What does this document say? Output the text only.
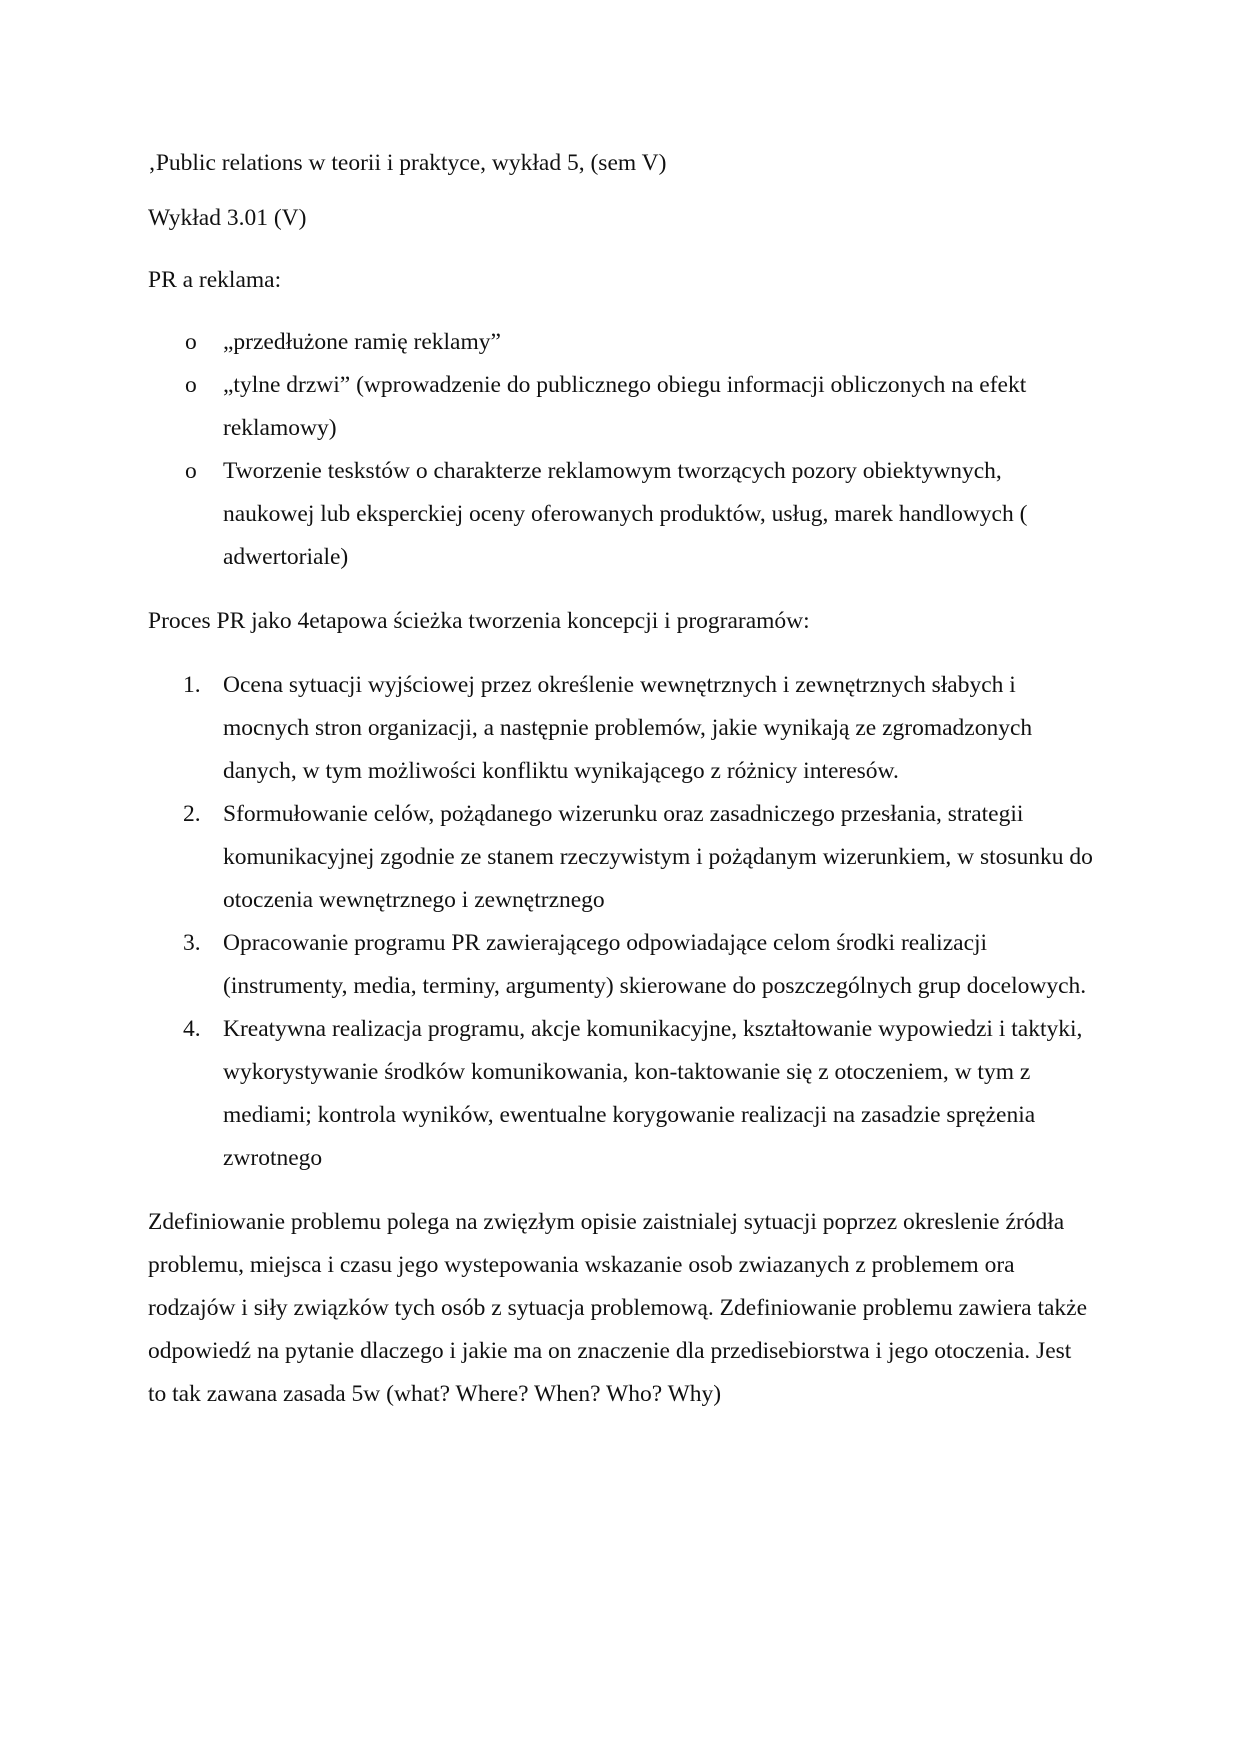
‚Public relations w teorii i praktyce, wykład 5, (sem V)

Wykład 3.01 (V)

PR a reklama:

o	„przedłużone ramię reklamy”
o	„tylne drzwi” (wprowadzenie do publicznego obiegu informacji obliczonych na efekt reklamowy)
o	Tworzenie teskstów o charakterze reklamowym tworzących pozory obiektywnych, naukowej lub eksperckiej oceny oferowanych produktów, usług, marek handlowych ( adwertoriale)

Proces PR jako 4etapowa ścieżka tworzenia koncepcji i prograramów:

1. Ocena sytuacji wyjściowej przez określenie wewnętrznych i zewnętrznych słabych i mocnych stron organizacji, a następnie problemów, jakie wynikają ze zgromadzonych danych, w tym możliwości konfliktu wynikającego z różnicy interesów.
2. Sformułowanie celów, pożądanego wizerunku oraz zasadniczego przesłania, strategii komunikacyjnej zgodnie ze stanem rzeczywistym i pożądanym wizerunkiem, w stosunku do otoczenia wewnętrznego i zewnętrznego
3. Opracowanie programu PR zawierającego odpowiadające celom środki realizacji (instrumenty, media, terminy, argumenty) skierowane do poszczególnych grup docelowych.
4. Kreatywna realizacja programu, akcje komunikacyjne, kształtowanie wypowiedzi i taktyki, wykorystywanie środków komunikowania, kon-taktowanie się z otoczeniem, w tym z mediami; kontrola wyników, ewentualne korygowanie realizacji na zasadzie sprężenia zwrotnego

Zdefiniowanie problemu polega na zwięzłym opisie zaistnialej sytuacji poprzez okreslenie źródła problemu, miejsca i czasu jego wystepowania wskazanie osob zwiazanych z problemem ora rodzajów i siły związków tych osób z sytuacja problemową. Zdefiniowanie problemu zawiera także odpowiedź na pytanie dlaczego i jakie ma on znaczenie dla przedisebiorstwa i jego otoczenia. Jest to tak zawana zasada 5w (what? Where? When? Who? Why)
